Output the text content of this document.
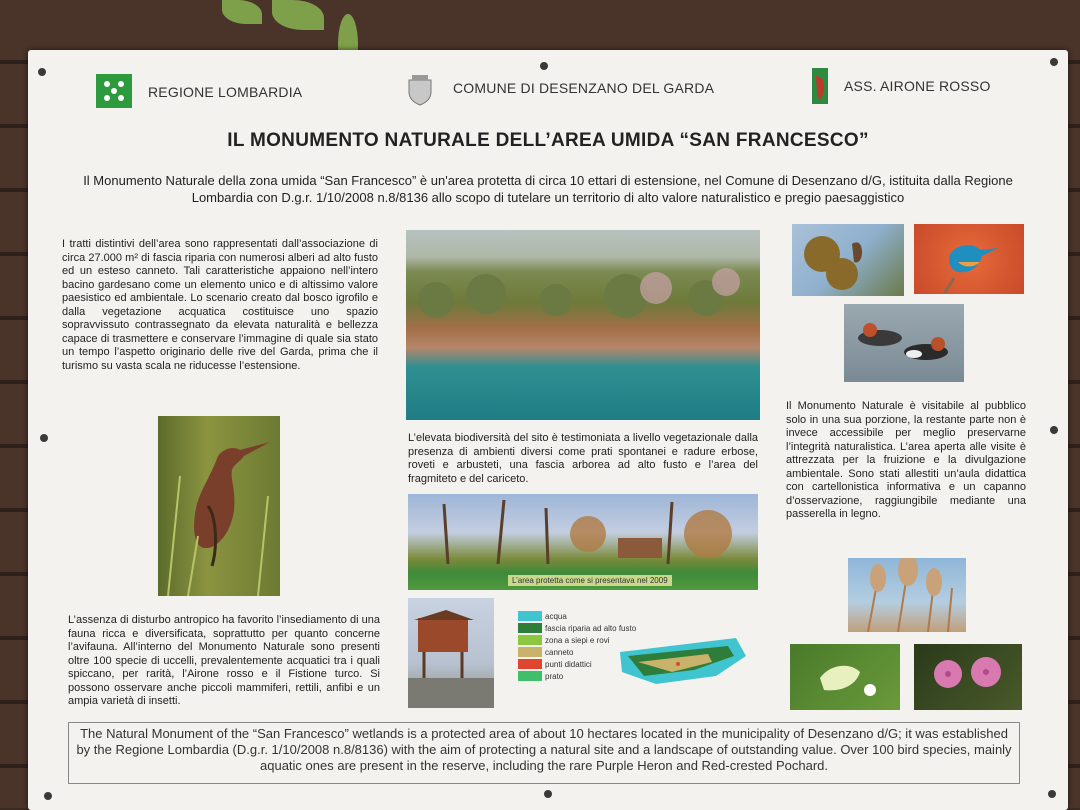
REGIONE LOMBARDIA	COMUNE DI DESENZANO DEL GARDA	ASS. AIRONE ROSSO
IL MONUMENTO NATURALE DELL’AREA UMIDA “SAN FRANCESCO”
Il Monumento Naturale della zona umida “San Francesco” è un'area protetta di circa 10 ettari di estensione, nel Comune di Desenzano d/G, istituita dalla Regione Lombardia con D.g.r. 1/10/2008 n.8/8136 allo scopo di tutelare un territorio di alto valore naturalistico e pregio paesaggistico
I tratti distintivi dell’area sono rappresentati dall’associazione di circa 27.000 m² di fascia riparia con numerosi alberi ad alto fusto ed un esteso canneto. Tali caratteristiche appaiono nell’intero bacino gardesano come un elemento unico e di altissimo valore paesistico ed ambientale. Lo scenario creato dal bosco igrofilo e dalla vegetazione acquatica costituisce uno spazio sopravvissuto contrassegnato da elevata naturalità e bellezza capace di trasmettere e conservare l’immagine di quale sia stato un tempo l’aspetto originario delle rive del Garda, prima che il turismo su vasta scala ne riducesse l’estensione.
L’assenza di disturbo antropico ha favorito l’insediamento di una fauna ricca e diversificata, soprattutto per quanto concerne l’avifauna. All’interno del Monumento Naturale sono presenti oltre 100 specie di uccelli, prevalentemente acquatici tra i quali spiccano, per rarità, l’Airone rosso e il Fistione turco. Si possono osservare anche piccoli mammiferi, rettili, anfibi e un ampia varietà di insetti.
L’elevata biodiversità del sito è testimoniata a livello vegetazionale dalla presenza di ambienti diversi come prati spontanei e radure erbose, roveti e arbusteti, una fascia arborea ad alto fusto e l’area del fragmiteto e del cariceto.
L’area protetta come si presentava nel 2009
acqua
fascia riparia ad alto fusto
zona a siepi e rovi
canneto
punti didattici
prato
Il Monumento Naturale è visitabile al pubblico solo in una sua porzione, la restante parte non è invece accessibile per meglio preservarne l’integrità naturalistica. L’area aperta alle visite è attrezzata per la fruizione e la divulgazione ambientale. Sono stati allestiti un’aula didattica con cartellonistica informativa e un capanno d’osservazione, raggiungibile mediante una passerella in legno.
The Natural Monument of the “San Francesco” wetlands is a protected area of about 10 hectares located in the municipality of Desenzano d/G; it was established by the Regione Lombardia (D.g.r. 1/10/2008 n.8/8136) with the aim of protecting a natural site and a landscape of outstanding value. Over 100 bird species, mainly aquatic ones are present in the reserve, including the rare Purple Heron and Red-crested Pochard.
